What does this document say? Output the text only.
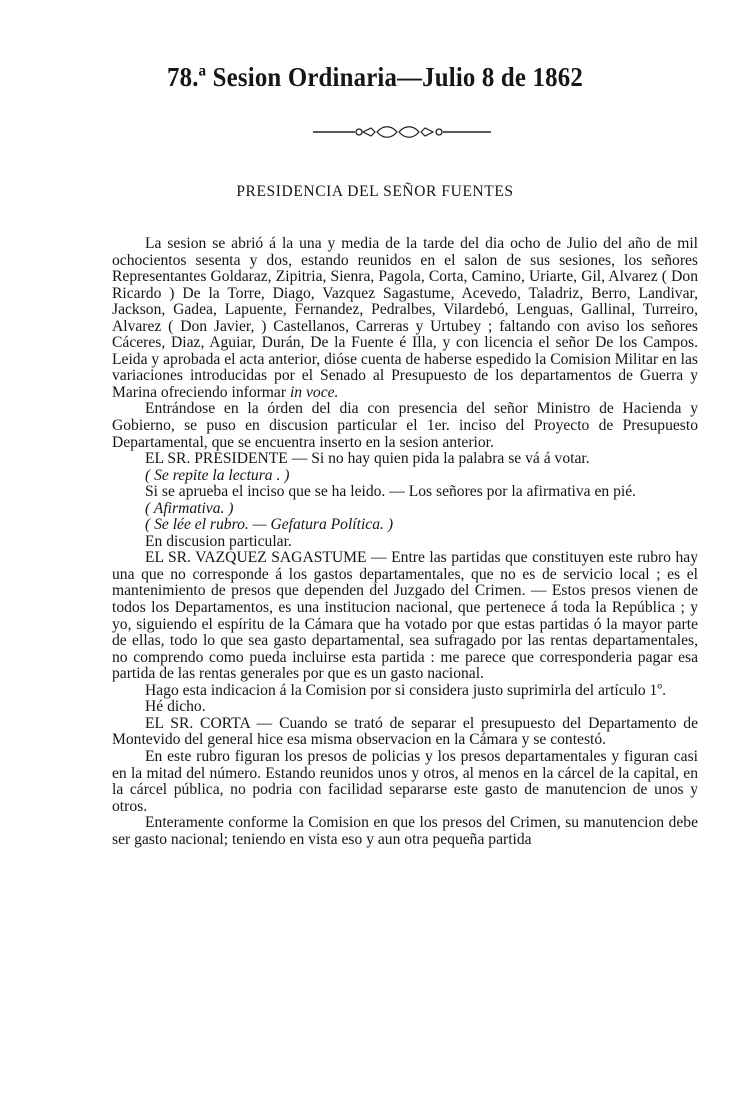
78.ª Sesion Ordinaria—Julio 8 de 1862
PRESIDENCIA DEL SEÑOR FUENTES

La sesion se abrió á la una y media de la tarde del dia ocho de Julio del año de mil ochocientos sesenta y dos, estando reunidos en el salon de sus sesiones, los señores Representantes Goldaraz, Zipitria, Sienra, Pagola, Corta, Camino, Uriarte, Gil, Alvarez ( Don Ricardo ) De la Torre, Diago, Vazquez Sagastume, Acevedo, Taladriz, Berro, Landivar, Jackson, Gadea, Lapuente, Fernandez, Pedralbes, Vilardebó, Lenguas, Gallinal, Turreiro, Alvarez ( Don Javier, ) Castellanos, Carreras y Urtubey ; faltando con aviso los señores Cáceres, Diaz, Aguiar, Durán, De la Fuente é Illa, y con licencia el señor De los Campos. Leida y aprobada el acta anterior, dióse cuenta de haberse espedido la Comision Militar en las variaciones introducidas por el Senado al Presupuesto de los departamentos de Guerra y Marina ofreciendo informar in voce.

Entrándose en la órden del dia con presencia del señor Ministro de Hacienda y Gobierno, se puso en discusion particular el 1er. inciso del Proyecto de Presupuesto Departamental, que se encuentra inserto en la sesion anterior.

EL SR. PRESIDENTE — Si no hay quien pida la palabra se vá á votar.

( Se repite la lectura . )

Si se aprueba el inciso que se ha leido. — Los señores por la afirmativa en pié.

( Afirmativa. )

( Se lée el rubro. — Gefatura Política. )

En discusion particular.

EL SR. VAZQUEZ SAGASTUME — Entre las partidas que constituyen este rubro hay una que no corresponde á los gastos departamentales, que no es de servicio local ; es el mantenimiento de presos que dependen del Juzgado del Crimen. — Estos presos vienen de todos los Departamentos, es una institucion nacional, que pertenece á toda la República ; y yo, siguiendo el espíritu de la Cámara que ha votado por que estas partidas ó la mayor parte de ellas, todo lo que sea gasto departamental, sea sufragado por las rentas departamentales, no comprendo como pueda incluirse esta partida : me parece que corresponderia pagar esa partida de las rentas generales por que es un gasto nacional.

Hago esta indicacion á la Comision por si considera justo suprimirla del artículo 1º.

Hé dicho.

EL SR. CORTA — Cuando se trató de separar el presupuesto del Departamento de Montevido del general hice esa misma observacion en la Cámara y se contestó.

En este rubro figuran los presos de policias y los presos departamentales y figuran casi en la mitad del número. Estando reunidos unos y otros, al menos en la cárcel de la capital, en la cárcel pública, no podria con facilidad separarse este gasto de manutencion de unos y otros.

Enteramente conforme la Comision en que los presos del Crimen, su manutencion debe ser gasto nacional; teniendo en vista eso y aun otra pequeña partida
